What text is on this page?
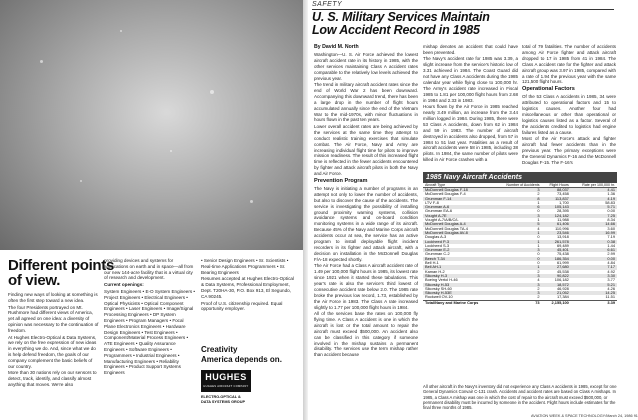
Different points
of view.

Finding new ways of looking at something is often the first step toward a new idea.

The four Presidents portrayed on Mt. Rushmore had different views of America, yet all agreed on one idea: a diversity of opinion was necessary to the continuation of freedom.

At Hughes Electro-Optical & Data Systems, we rely on the free expression of new ideas in everything we do. And, since what we do is help defend freedom, the goals of our company complement the basic beliefs of our country.

More than 30 nations rely on our sensors to detect, track, identify, and classify almost anything that moves. We're also

providing devices and systems for applications on earth and in space—all from our new 144-acre facility that is a virtual city of research and development.

Current openings:

System Engineers • E-O System Engineers • Project Engineers • Electrical Engineers • Optical Physicists • Optical Component Engineers • Laser Engineers • Image/Signal Processing Engineers • DP System Engineers • Program Managers • Focal Plane Electronics Engineers • Hardware Design Engineers • Test Engineers • Component/Material Process Engineers • ATE Engineers • Quality Assurance Engineers • Software Engineers • Programmers • Industrial Engineers • Manufacturing Engineers • Reliability Engineers • Product Support Systems Engineers

• Senior Design Engineers • Sr. Scientists • Real-time Applications Programmers • Sr. Bearing Engineers

Resumes accepted at Hughes Electro-Optical & Data Systems, Professional Employment, Dept. T20HA-30, P.O. Box 913, El Segundo, CA 90245.

Proof of U.S. citizenship required. Equal opportunity employer.

Creativity
America depends on.
HUGHES
HUGHES AIRCRAFT COMPANY
ELECTRO-OPTICAL &
DATA SYSTEMS GROUP
SAFETY
U. S. Military Services Maintain
Low Accident Record in 1985
By David M. North

Washington—U. S. Air Force achieved the lowest aircraft accident rate in its history in 1985, with the other services maintaining Class A accident rates comparable to the relatively low levels achieved the previous year.

The trend in military aircraft accident rates since the end of World War 2 has been downward. Accompanying this downward trend, there has been a large drop in the number of flight hours accumulated annually since the end of the Vietnam War to the mid-1970s, with minor fluctuations in hours flown in the past ten years.

Lower overall accident rates are being achieved by the services at the same time they attempt to conduct realistic training exercises that simulate combat. The Air Force, Navy and Army are increasing individual flight time for pilots to improve mission readiness. The result of this increased flight time is reflected in the fewer accidents encountered by fighter and attack aircraft pilots in both the Navy and Air Force.

Prevention Program

The Navy is initiating a number of programs in an attempt not only to lower the number of accidents, but also to discover the cause of the accidents. The service is investigating the possibility of installing ground proximity warning systems, collision avoidance systems and on-board condition monitoring systems in a wide range of its aircraft. Because 45% of the Navy and Marine Corps aircraft accidents occur at sea, the service has an active program to install deployable flight incident recorders in its fighter and attack aircraft, with a decision on installation in the McDonnell Douglas F/A-18 expected shortly.

The Air Force had a Class A aircraft accident rate of 1.49 per 100,000 flight hours in 1985, its lowest rate since 1921 when it started these tabulations. This year's rate is also the service's third lowest of consecutive accident rate below 2.0. The 1985 rate broke the previous low record, 1.73, established by the Air Force in 1983. The Class A rate increased slightly to 1.77 per 100,000 flight hours in 1984.

All of the services base the rates on 100,000 fly flying time. A Class A accident is one in which the aircraft is lost or the total amount to repair the aircraft must exceed $500,000. An accident also can be classified in this category if someone involved in the mishap sustains a permanent disability. The services use the term mishap rather than accident because

mishap denotes an accident that could have been prevented.

The Navy's accident rate for 1985 was 3.39, a slight increase from the service's historic low of 3.31 achieved in 1984. The Coast Guard did not have any Class A accidents during the 1985 calendar year while flying close to 100,000 hr. The Army's accident rate increased in Fiscal 1985 to 1.81 per 100,000 flight hours from 2.68 in 1984 and 2.33 in 1983.

Hours flown by the Air Force in 1985 reached nearly 3.49 million, an increase from the 3.44 million logged in 1984. During 1985, there were 53 Class A accidents, down from 62 in 1984 and 59 in 1983. The number of aircraft destroyed in accidents also dropped, from 57 in 1984 to 51 last year. Fatalities as a result of aircraft accidents were 58 in 1985, including 38 pilots. In 1984, the same number of pilots were killed in Air Force crashes with a

total of 79 fatalities. The number of accidents among Air Force fighter and attack aircraft dropped to 17 in 1985 from 41 in 1984. The Class A accident rate for the fighter and attack aircraft group was 3.97 in 1985, compared with a rate of 1.94 the previous year with the same 121,500 flight hours.

Operational Factors

Of the 53 Class A accidents in 1985, 34 were attributed to operational factors and 15 to logistics causes. Another four had miscellaneous or other than operational or logistics causes listed as a factor. Several of the accidents credited to logistics had engine failures listed as a cause.

Most of the Air Force's attack and fighter aircraft had fewer accidents than in the previous year. The primary exceptions were the General Dynamics F-16 and the McDonnell Douglas F-15. The F-16's

1985 Navy Aircraft Accidents
Aircraft Type	Number of Accidents	Flight Hours	Rate per 100,000 hr.
McDonnell Douglas F-18	3	88,037	4.41
McDonnell Douglas F-4	2	73,458	1.36
Grumman F-14	8	113,837	4.19
LTV F-8	1	1,700	58.83
Grumman A-6	6	105,143	5.71
Grumman EA-6	0	28,395	0.00
Vought A-7E	3	124,182	7.25
Vought A-7/A/B/C/L	1	11,988	8.34
McDonnell Douglas A-4	5	61,406	14.66
McDonnell Douglas TA-4	4	110,996	3.60
McDonnell Douglas AV-8	1	23,546	16.99
Douglas A-3	0	13,918	7.19
Lockheed P-3	1	261,578	0.38
Lockheed S-3	1	69,489	1.44
Grumman E-2	3	45,401	6.61
Grumman C-2	0	75,438	2.99
Beech T-34	0	186,354	0.00
Bell H-1	0	61,999	4.84
Bell AH-1	1	27,680	7.17
Kaman H-2	2	45,538	4.92
Sikorsky H-3	3	90,822	3.30
Boeing Vertol H-46	4	106,182	3.77
Sikorsky H-53	3	18,572	5.21
Sikorsky SH-60	2	46,928	4.26
Sikorsky H-53E	3	21,052	14.25
Rockwell OV-10	2	17,384	11.51
Total/Navy and Marine Corps	73	2,155,100	3.39
All other aircraft in the Navy's inventory did not experience any Class A accidents in 1985, except for one General Dynamics Convair C-131 crash. Accidents and accident rates are based on Class A mishaps. In 1985, a Class A mishap was one in which the cost of repair to the aircraft must exceed $500,000, or permanent disability must be incurred by someone in the accident. Flight hours include estimates for the final three months of 1985.
AVIATION WEEK & SPACE TECHNOLOGY/March 24, 1986 91
